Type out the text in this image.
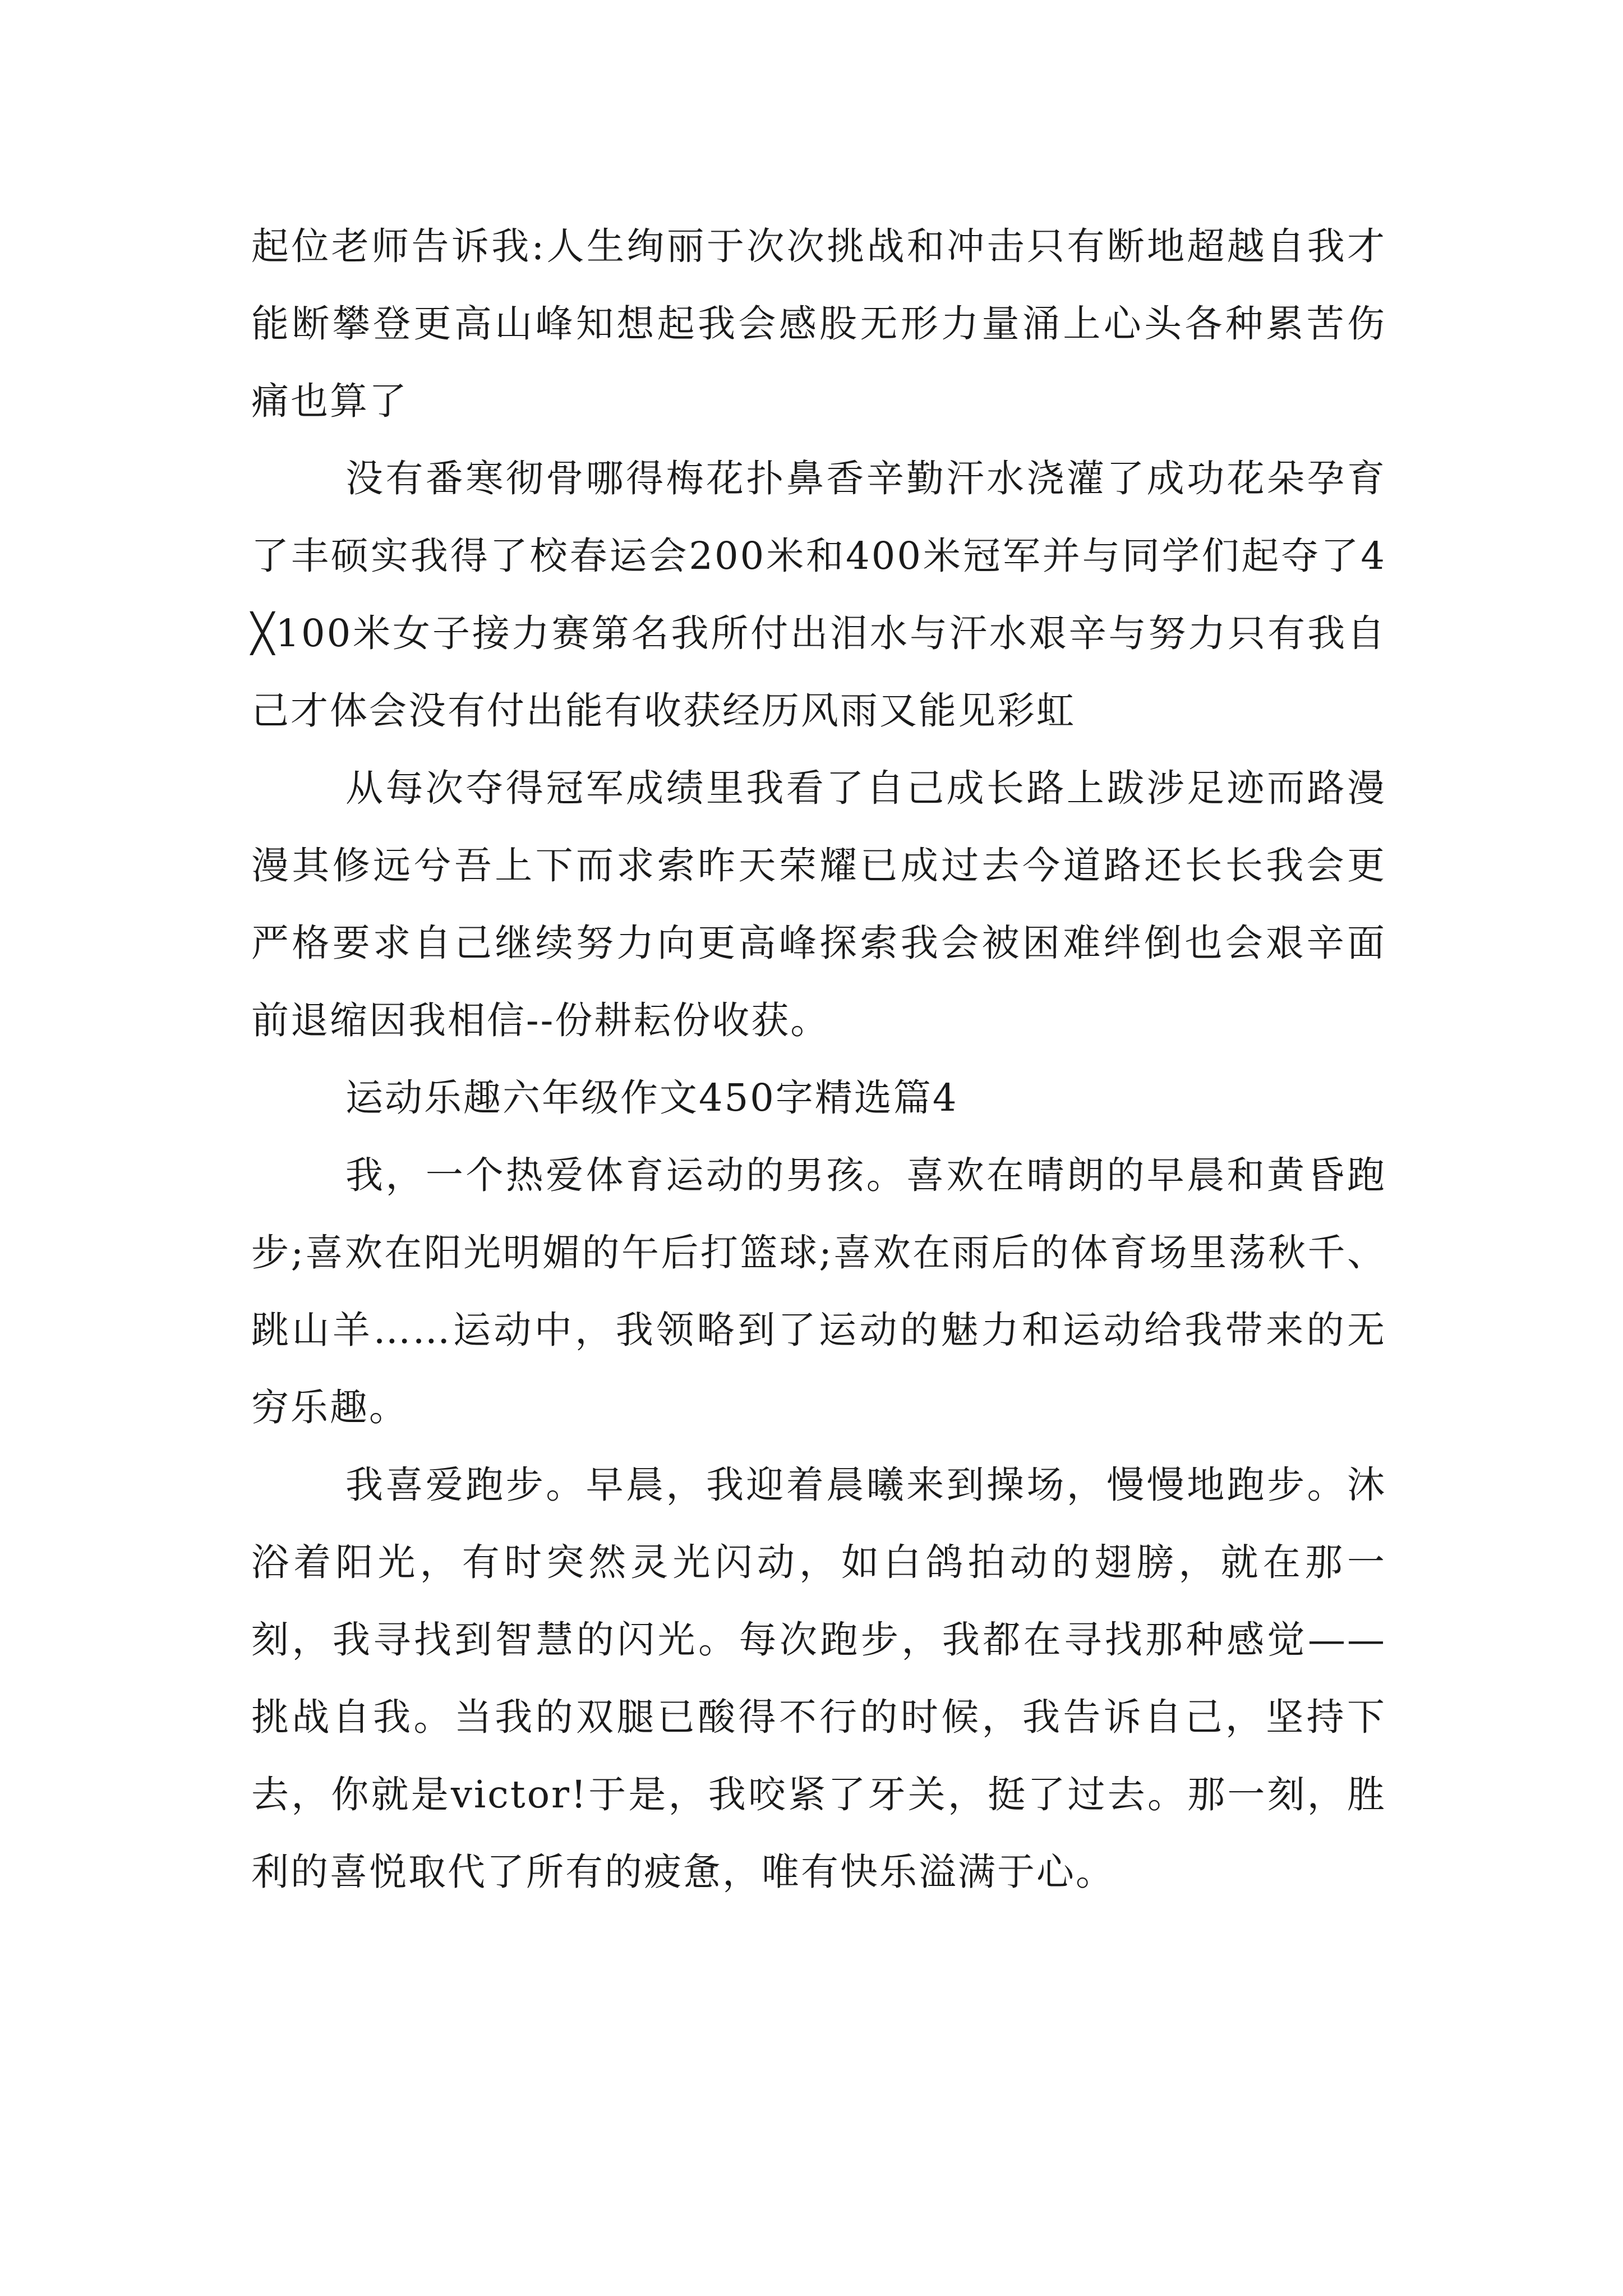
起位老师告诉我:人生绚丽于次次挑战和冲击只有断地超越自我才能断攀登更高山峰知想起我会感股无形力量涌上心头各种累苦伤痛也算了

没有番寒彻骨哪得梅花扑鼻香辛勤汗水浇灌了成功花朵孕育了丰硕实我得了校春运会200米和400米冠军并与同学们起夺了4╳100米女子接力赛第名我所付出泪水与汗水艰辛与努力只有我自己才体会没有付出能有收获经历风雨又能见彩虹

从每次夺得冠军成绩里我看了自己成长路上跋涉足迹而路漫漫其修远兮吾上下而求索昨天荣耀已成过去今道路还长长我会更严格要求自己继续努力向更高峰探索我会被困难绊倒也会艰辛面前退缩因我相信--份耕耘份收获。

运动乐趣六年级作文450字精选篇4

我，一个热爱体育运动的男孩。喜欢在晴朗的早晨和黄昏跑步;喜欢在阳光明媚的午后打篮球;喜欢在雨后的体育场里荡秋千、跳山羊……运动中，我领略到了运动的魅力和运动给我带来的无穷乐趣。

我喜爱跑步。早晨，我迎着晨曦来到操场，慢慢地跑步。沐浴着阳光，有时突然灵光闪动，如白鸽拍动的翅膀，就在那一刻，我寻找到智慧的闪光。每次跑步，我都在寻找那种感觉——挑战自我。当我的双腿已酸得不行的时候，我告诉自己，坚持下去，你就是victor!于是，我咬紧了牙关，挺了过去。那一刻，胜利的喜悦取代了所有的疲惫，唯有快乐溢满于心。
